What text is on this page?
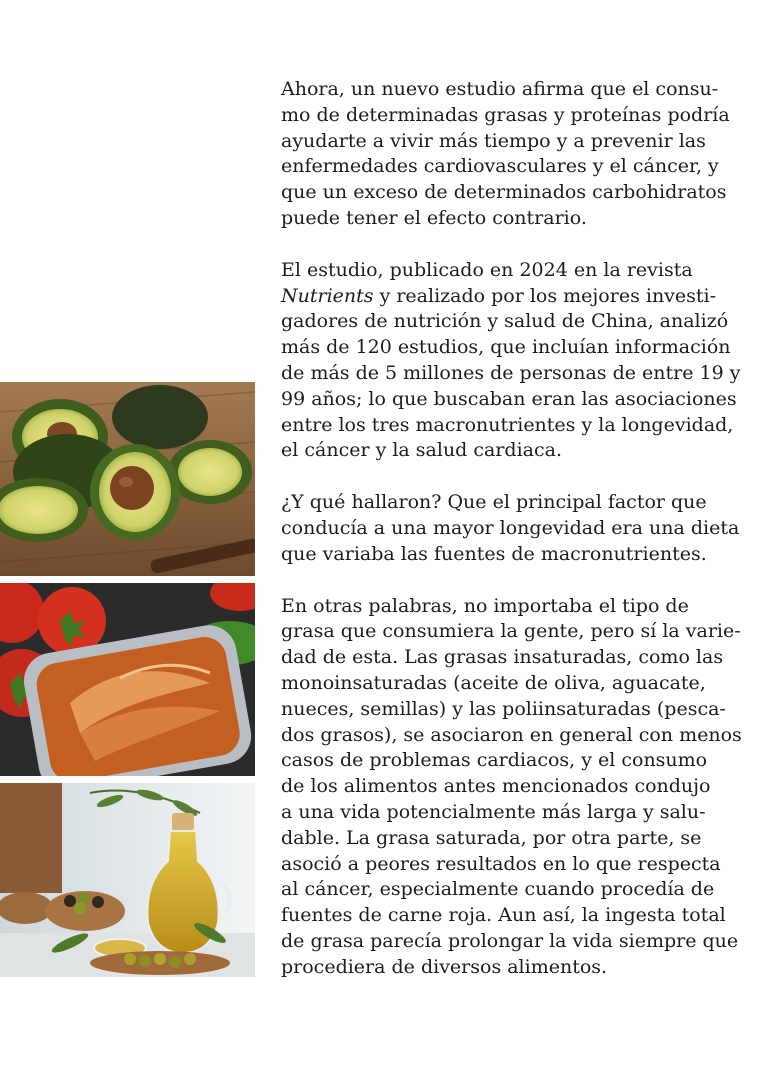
Ahora, un nuevo estudio afirma que el consu-
mo de determinadas grasas y proteínas podría
ayudarte a vivir más tiempo y a prevenir las
enfermedades cardiovasculares y el cáncer, y
que un exceso de determinados carbohidratos
puede tener el efecto contrario.

El estudio, publicado en 2024 en la revista
Nutrients y realizado por los mejores investi-
gadores de nutrición y salud de China, analizó
más de 120 estudios, que incluían información
de más de 5 millones de personas de entre 19 y
99 años; lo que buscaban eran las asociaciones
entre los tres macronutrientes y la longevidad,
el cáncer y la salud cardiaca.

¿Y qué hallaron? Que el principal factor que
conducía a una mayor longevidad era una dieta
que variaba las fuentes de macronutrientes.

En otras palabras, no importaba el tipo de
grasa que consumiera la gente, pero sí la varie-
dad de esta. Las grasas insaturadas, como las
monoinsaturadas (aceite de oliva, aguacate,
nueces, semillas) y las poliinsaturadas (pesca-
dos grasos), se asociaron en general con menos
casos de problemas cardiacos, y el consumo
de los alimentos antes mencionados condujo
a una vida potencialmente más larga y salu-
dable. La grasa saturada, por otra parte, se
asoció a peores resultados en lo que respecta
al cáncer, especialmente cuando procedía de
fuentes de carne roja. Aun así, la ingesta total
de grasa parecía prolongar la vida siempre que
procediera de diversos alimentos.
